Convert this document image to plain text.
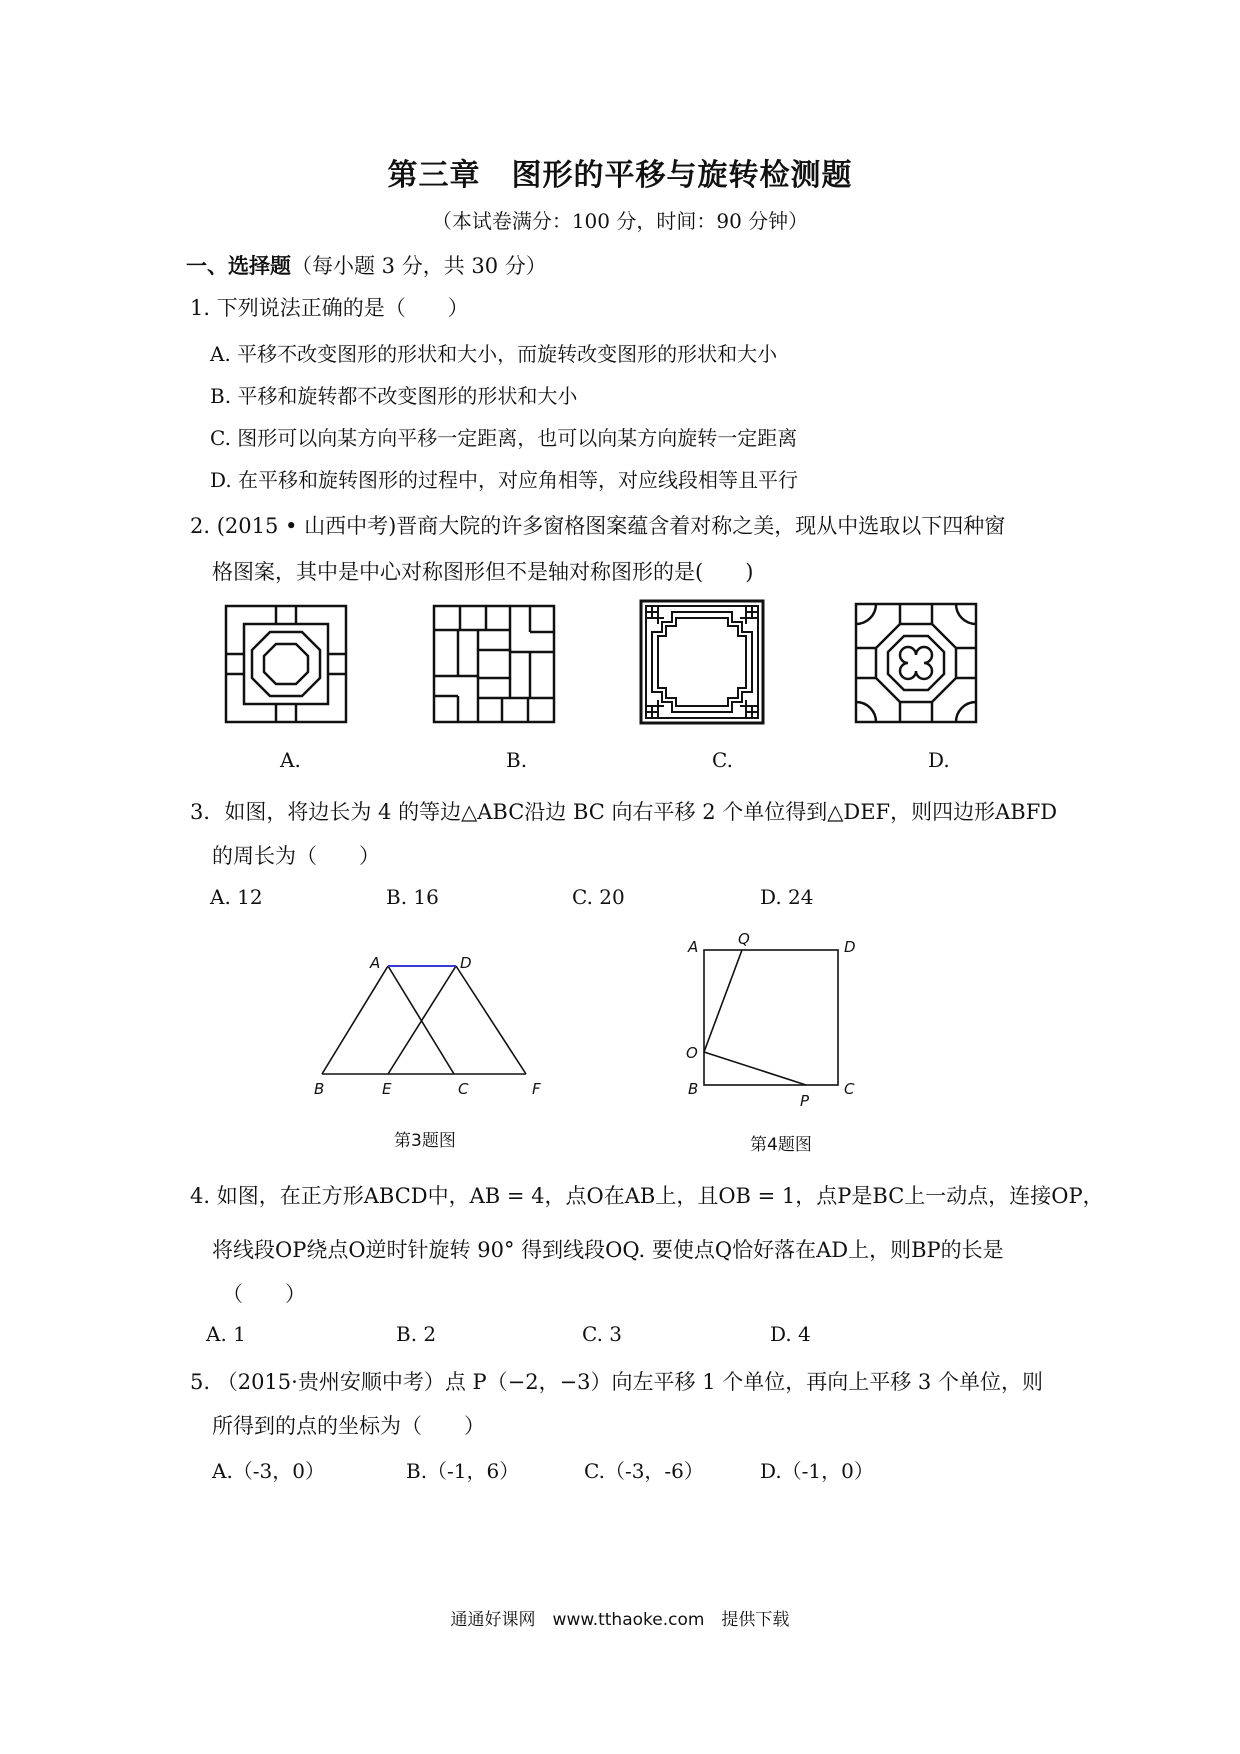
第三章　图形的平移与旋转检测题
（本试卷满分：100 分，时间：90 分钟）
一、选择题（每小题 3 分，共 30 分）
1. 下列说法正确的是（　　）
A. 平移不改变图形的形状和大小，而旋转改变图形的形状和大小
B. 平移和旋转都不改变图形的形状和大小
C. 图形可以向某方向平移一定距离，也可以向某方向旋转一定距离
D. 在平移和旋转图形的过程中，对应角相等，对应线段相等且平行
2. (2015 • 山西中考)晋商大院的许多窗格图案蕴含着对称之美，现从中选取以下四种窗
格图案，其中是中心对称图形但不是轴对称图形的是(　　)
A.	B.	C.	D.
3．如图，将边长为 4 的等边△ABC沿边 BC 向右平移 2 个单位得到△DEF，则四边形ABFD
的周长为（　　）
A. 12	B. 16	C. 20	D. 24
A	D
B	E	C	F
第3题图
A	Q	D
O
B
P
C
第4题图
4. 如图，在正方形ABCD中，AB = 4，点O在AB上，且OB = 1，点P是BC上一动点，连接OP，
将线段OP绕点O逆时针旋转 90° 得到线段OQ. 要使点Q恰好落在AD上，则BP的长是
（　　）
A. 1	B. 2	C. 3	D. 4
5. （2015·贵州安顺中考）点 P（−2，−3）向左平移 1 个单位，再向上平移 3 个单位，则
所得到的点的坐标为（　　）
A.（-3，0）	B.（-1，6）	C.（-3，-6）	D.（-1，0）
通通好课网　www.tthaoke.com　提供下载
